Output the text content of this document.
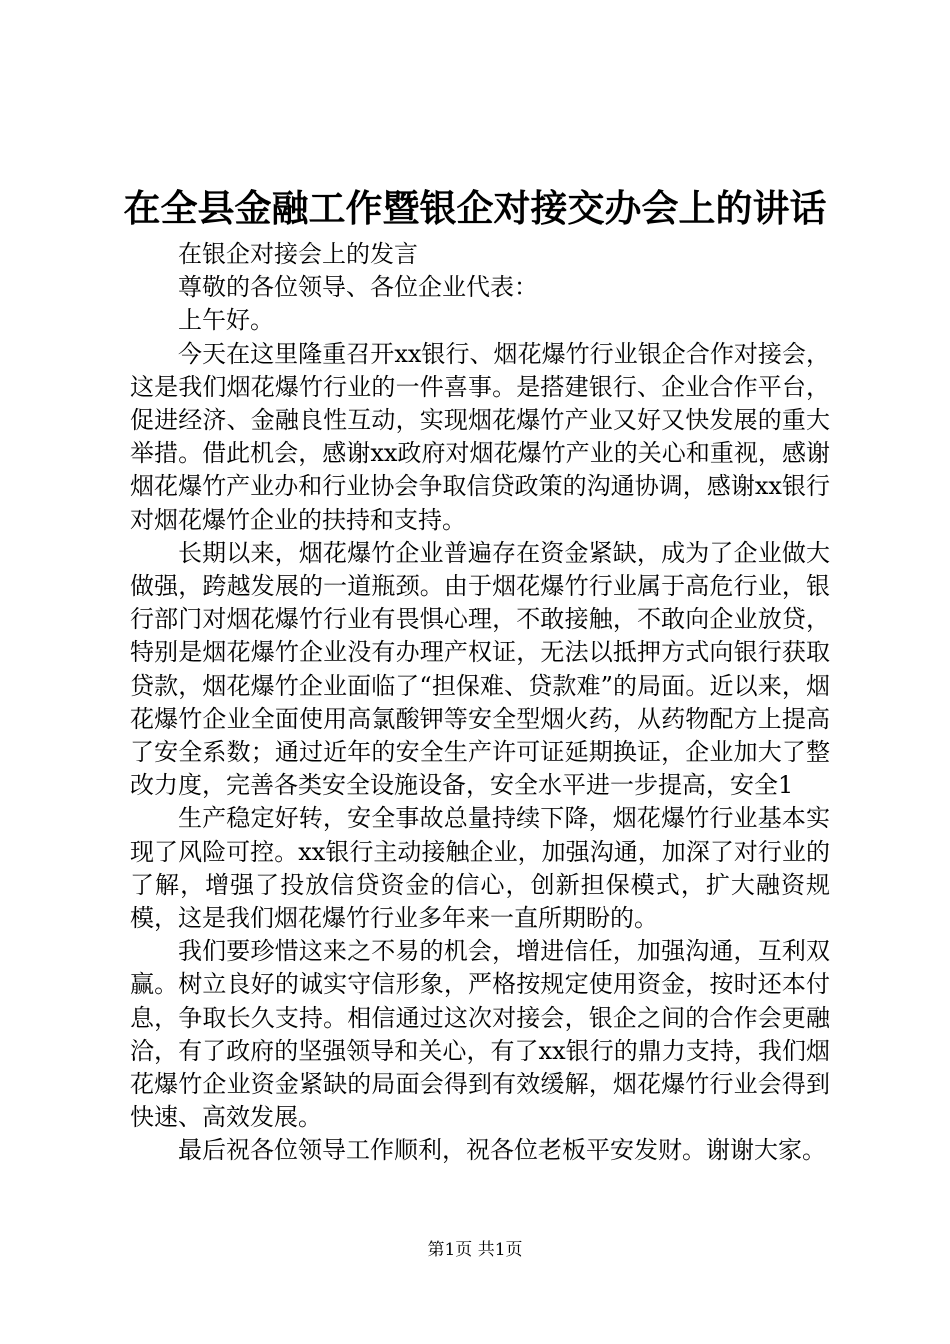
在全县金融工作暨银企对接交办会上的讲话

在银企对接会上的发言

尊敬的各位领导、各位企业代表：

上午好。

今天在这里隆重召开xx银行、烟花爆竹行业银企合作对接会，这是我们烟花爆竹行业的一件喜事。是搭建银行、企业合作平台，促进经济、金融良性互动，实现烟花爆竹产业又好又快发展的重大举措。借此机会，感谢xx政府对烟花爆竹产业的关心和重视，感谢烟花爆竹产业办和行业协会争取信贷政策的沟通协调，感谢xx银行对烟花爆竹企业的扶持和支持。

长期以来，烟花爆竹企业普遍存在资金紧缺，成为了企业做大做强，跨越发展的一道瓶颈。由于烟花爆竹行业属于高危行业，银行部门对烟花爆竹行业有畏惧心理，不敢接触，不敢向企业放贷，特别是烟花爆竹企业没有办理产权证，无法以抵押方式向银行获取贷款，烟花爆竹企业面临了“担保难、贷款难”的局面。近以来，烟花爆竹企业全面使用高氯酸钾等安全型烟火药，从药物配方上提高了安全系数；通过近年的安全生产许可证延期换证，企业加大了整改力度，完善各类安全设施设备，安全水平进一步提高，安全1

生产稳定好转，安全事故总量持续下降，烟花爆竹行业基本实现了风险可控。xx银行主动接触企业，加强沟通，加深了对行业的了解，增强了投放信贷资金的信心，创新担保模式，扩大融资规模，这是我们烟花爆竹行业多年来一直所期盼的。

我们要珍惜这来之不易的机会，增进信任，加强沟通，互利双赢。树立良好的诚实守信形象，严格按规定使用资金，按时还本付息，争取长久支持。相信通过这次对接会，银企之间的合作会更融洽，有了政府的坚强领导和关心，有了xx银行的鼎力支持，我们烟花爆竹企业资金紧缺的局面会得到有效缓解，烟花爆竹行业会得到快速、高效发展。

最后祝各位领导工作顺利，祝各位老板平安发财。谢谢大家。

第1页 共1页
